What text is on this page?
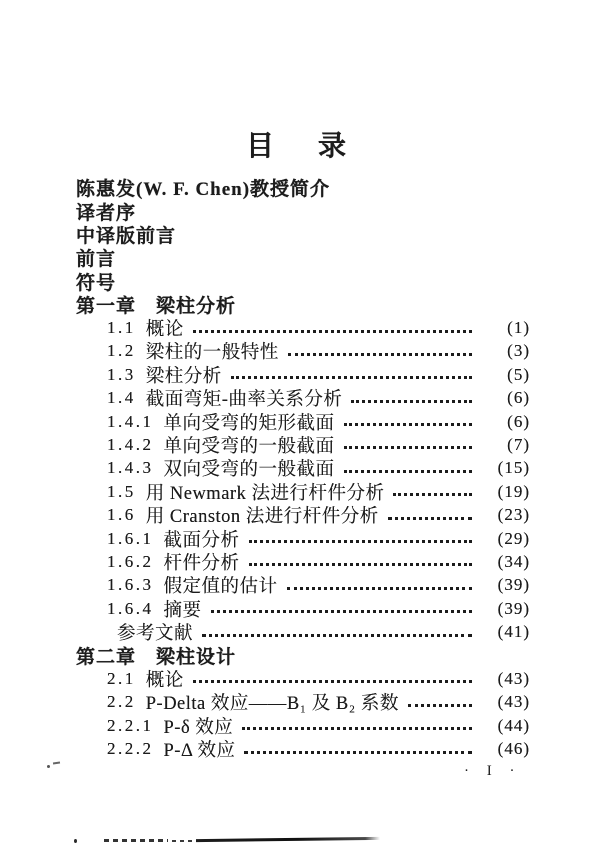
目　录
陈惠发(W. F. Chen)教授简介
译者序
中译版前言
前言
符号
第一章　梁柱分析
1.1 概论	(1)
1.2 梁柱的一般特性	(3)
1.3 梁柱分析	(5)
1.4 截面弯矩-曲率关系分析	(6)
1.4.1 单向受弯的矩形截面	(6)
1.4.2 单向受弯的一般截面	(7)
1.4.3 双向受弯的一般截面	(15)
1.5 用 Newmark 法进行杆件分析	(19)
1.6 用 Cranston 法进行杆件分析	(23)
1.6.1 截面分析	(29)
1.6.2 杆件分析	(34)
1.6.3 假定值的估计	(39)
1.6.4 摘要	(39)
参考文献	(41)
第二章　梁柱设计
2.1 概论	(43)
2.2 P-Delta 效应——B₁ 及 B₂ 系数	(43)
2.2.1 P-δ 效应	(44)
2.2.2 P-Δ 效应	(46)
· I ·
